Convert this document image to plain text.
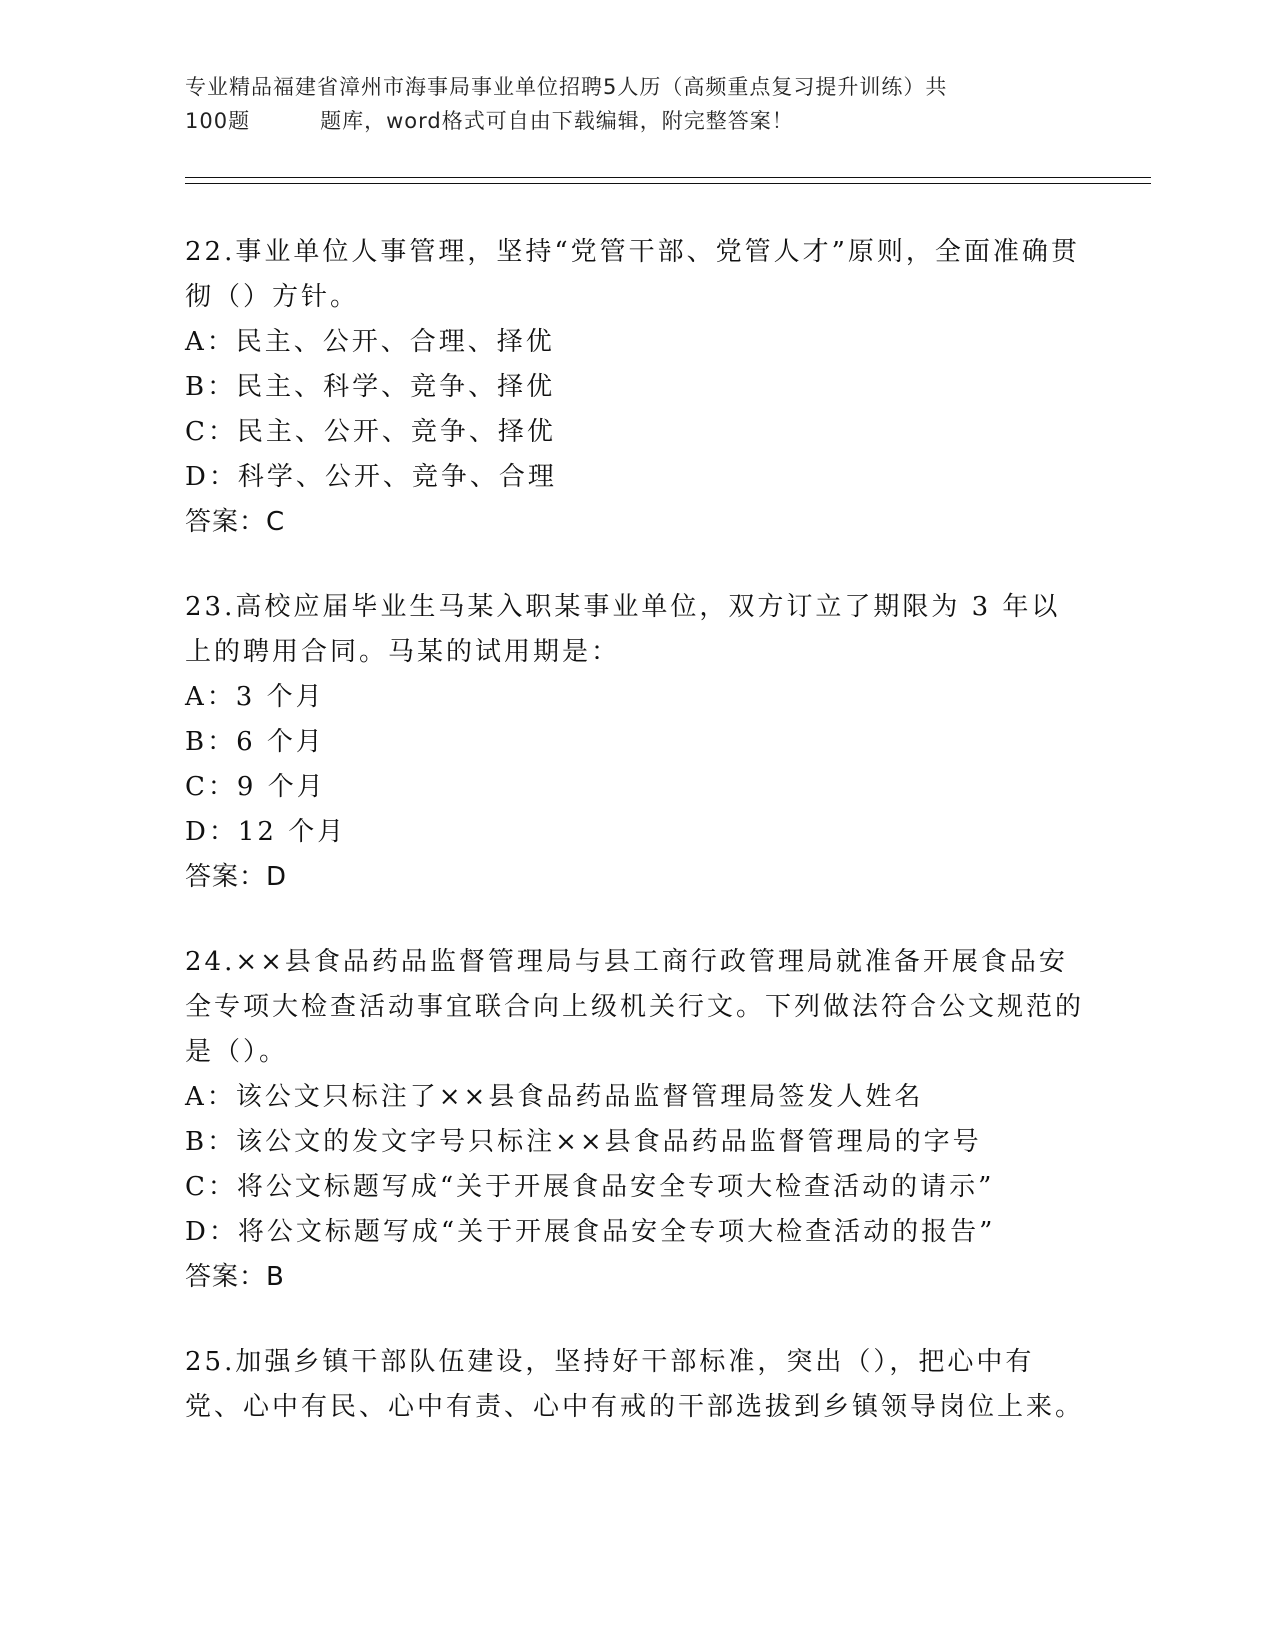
专业精品福建省漳州市海事局事业单位招聘5人历（高频重点复习提升训练）共
100题	题库，word格式可自由下载编辑，附完整答案！

22.事业单位人事管理，坚持“党管干部、党管人才”原则，全面准确贯彻（）方针。

A：民主、公开、合理、择优

B：民主、科学、竞争、择优

C：民主、公开、竞争、择优

D：科学、公开、竞争、合理

答案：C

23.高校应届毕业生马某入职某事业单位，双方订立了期限为 3 年以上的聘用合同。马某的试用期是：

A：3 个月

B：6 个月

C：9 个月

D：12 个月

答案：D

24.××县食品药品监督管理局与县工商行政管理局就准备开展食品安全专项大检查活动事宜联合向上级机关行文。下列做法符合公文规范的是（）。

A：该公文只标注了××县食品药品监督管理局签发人姓名

B：该公文的发文字号只标注××县食品药品监督管理局的字号

C：将公文标题写成“关于开展食品安全专项大检查活动的请示”

D：将公文标题写成“关于开展食品安全专项大检查活动的报告”

答案：B

25.加强乡镇干部队伍建设，坚持好干部标准，突出（），把心中有党、心中有民、心中有责、心中有戒的干部选拔到乡镇领导岗位上来。
